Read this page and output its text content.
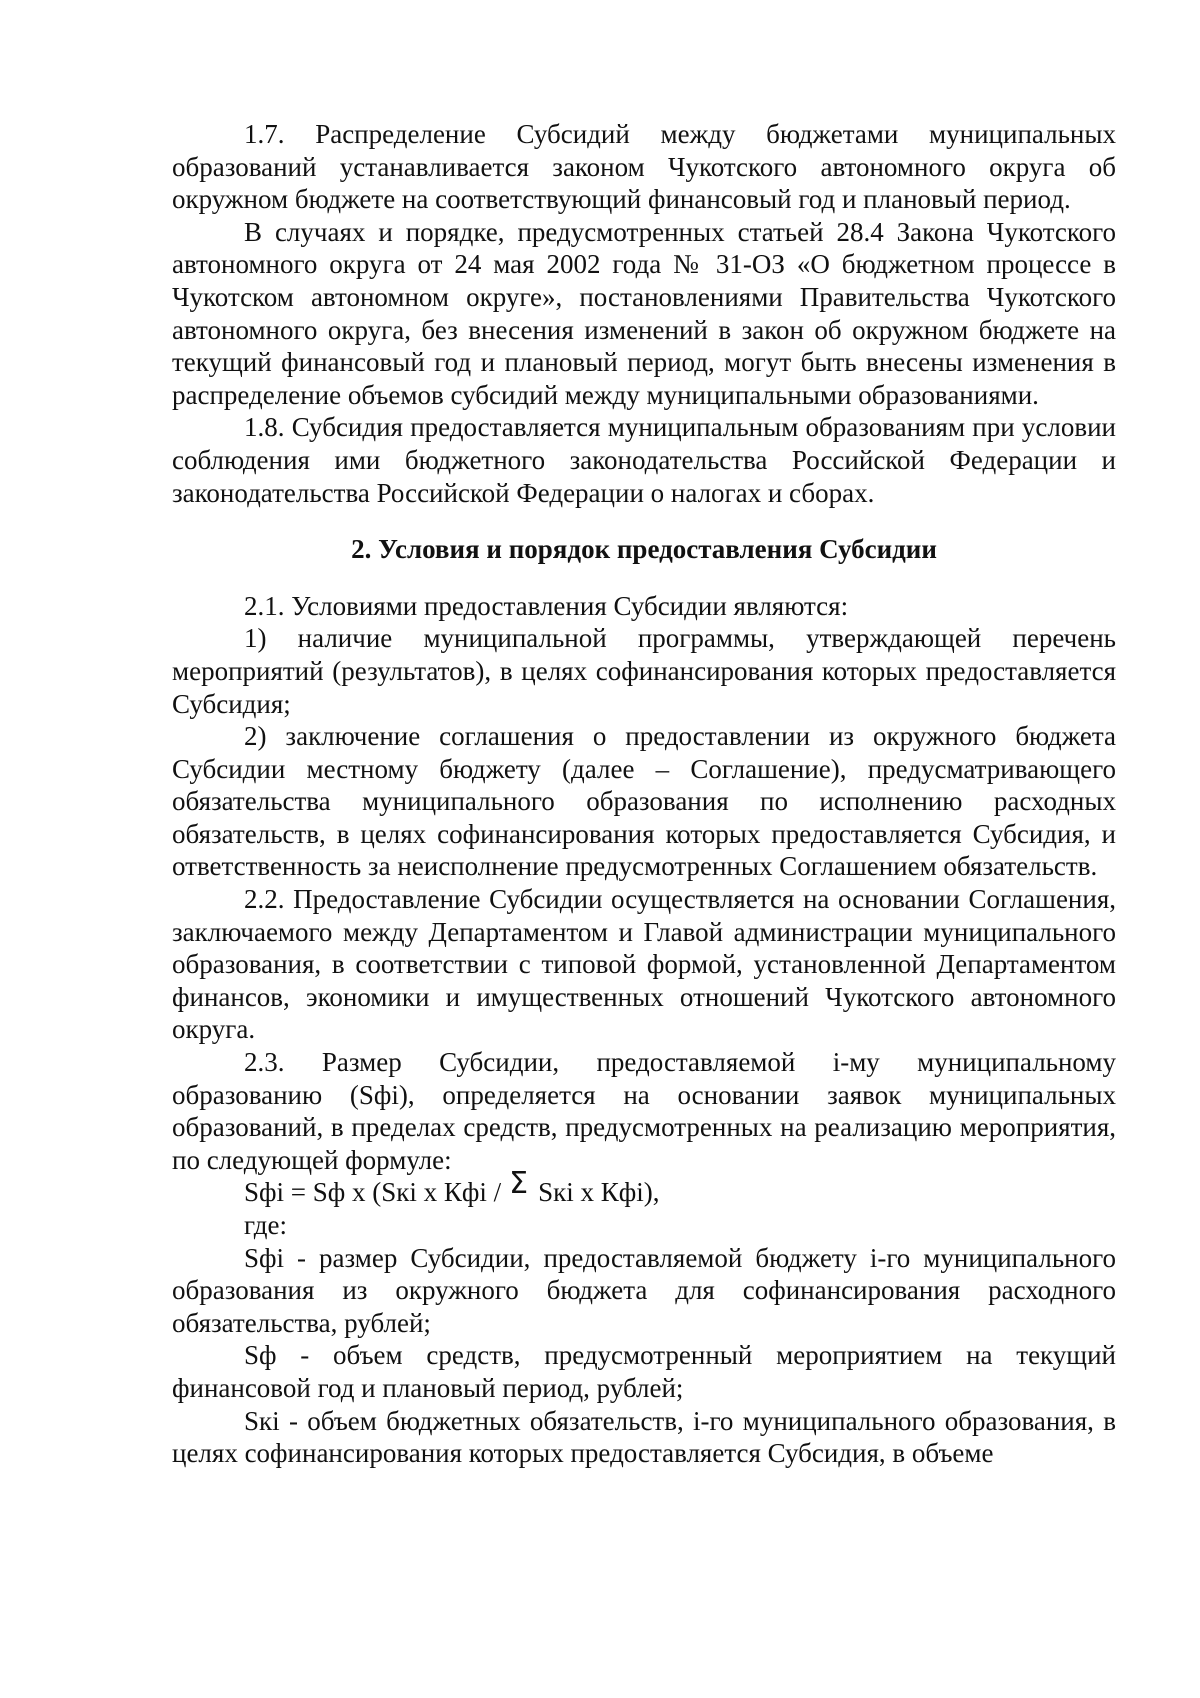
1.7. Распределение Субсидий между бюджетами муниципальных образований устанавливается законом Чукотского автономного округа об окружном бюджете на соответствующий финансовый год и плановый период.

В случаях и порядке, предусмотренных статьей 28.4 Закона Чукотского автономного округа от 24 мая 2002 года № 31-ОЗ «О бюджетном процессе в Чукотском автономном округе», постановлениями Правительства Чукотского автономного округа, без внесения изменений в закон об окружном бюджете на текущий финансовый год и плановый период, могут быть внесены изменения в распределение объемов субсидий между муниципальными образованиями.

1.8. Субсидия предоставляется муниципальным образованиям при условии соблюдения ими бюджетного законодательства Российской Федерации и законодательства Российской Федерации о налогах и сборах.

2. Условия и порядок предоставления Субсидии

2.1. Условиями предоставления Субсидии являются:

1) наличие муниципальной программы, утверждающей перечень мероприятий (результатов), в целях софинансирования которых предоставляется Субсидия;

2) заключение соглашения о предоставлении из окружного бюджета Субсидии местному бюджету (далее – Соглашение), предусматривающего обязательства муниципального образования по исполнению расходных обязательств, в целях софинансирования которых предоставляется Субсидия, и ответственность за неисполнение предусмотренных Соглашением обязательств.

2.2. Предоставление Субсидии осуществляется на основании Соглашения, заключаемого между Департаментом и Главой администрации муниципального образования, в соответствии с типовой формой, установленной Департаментом финансов, экономики и имущественных отношений Чукотского автономного округа.

2.3. Размер Субсидии, предоставляемой i-му муниципальному образованию (Sфi), определяется на основании заявок муниципальных образований, в пределах средств, предусмотренных на реализацию мероприятия, по следующей формуле:

Sфi = Sф x (Sкi x Кфi / Σ Sкi x Кфi),

где:

Sфi - размер Субсидии, предоставляемой бюджету i-го муниципального образования из окружного бюджета для софинансирования расходного обязательства, рублей;

Sф - объем средств, предусмотренный мероприятием на текущий финансовой год и плановый период, рублей;

Sкi - объем бюджетных обязательств, i-го муниципального образования, в целях софинансирования которых предоставляется Субсидия, в объеме
